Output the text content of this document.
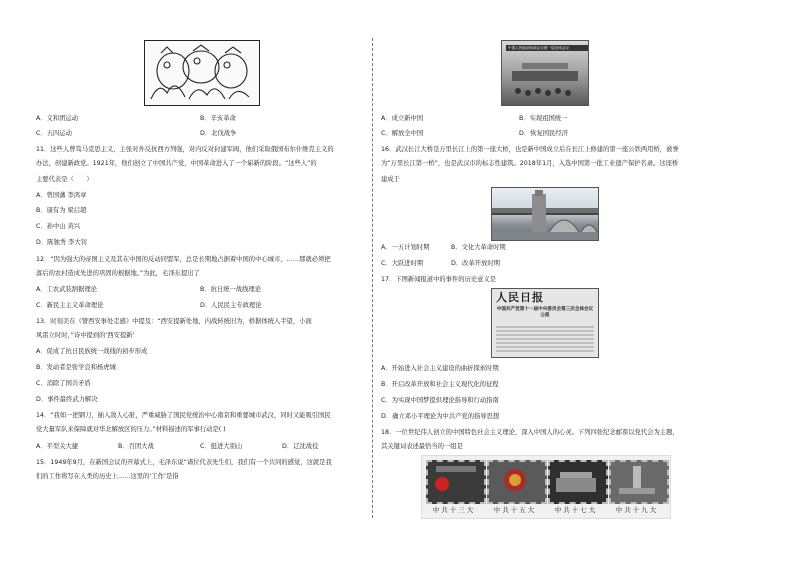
A．义和团运动	B．辛亥革命
C．五四运动	D．北伐战争
11．这些人曾笃马克思主义，主张对外反抗西方列强，对内反对封建军阀，他们采取俄国布尔什维克主义的
办法，创建新政党。1921年，他们创立了中国共产党，中国革命进入了一个崭新的阶段。“这些人”的
主要代表是（　　）
A．曾国藩 李鸿章
B．康有为 梁启超
C．孙中山 黄兴
D．陈独秀 李大钊
12．“因为强大的帝国主义及其在中国的反动同盟军，总是长期地占据着中国的中心城市，……那就必须把
落后的农村造成先进的巩固的根据地。”为此，毛泽东提出了
A．工农武装割据理论	B．抗日统一战线理论
C．新民主主义革命理论	D．人民民主专政理论
13．时刻美在《訾西安事处走感》中提及：“西安提新处地，内战转统旧为，格据体统人半望，小面
风雷立时时，”诗中提到的‘西安提新’
A．促成了抗日民族统一战线的初步形成
B．发动者是张学良和杨虎城
C．消除了国共矛盾
D．事件最终武力解决
14．“我如一把钢刀，插入敌人心脏，严重威胁了国民党统治中心南京和重要城市武汉，同时又能吸引国民
党大量军队来保障就对华北解放区的压力。”材料描述的军事行动是( )
A．平型关大捷	B．百团大战	C．挺进大别山	D．辽沈战役
15．1949年9月，在新国会议的开幕式上，毛泽东说“诸位代表先生们，我们有一个共同的感觉，这就是我
们的工作将写在人类的历史上……这里的‘工作’是指
中国人民政治协商会议第一届全体会议
A．成立新中国	B．实现祖国统一
C．解放全中国	D．恢复国民经济
16．武汉长江大桥是万里长江上的第一座大桥，也是新中国成立后在长江上修建的第一座公铁两用桥，被誉
为“万里长江第一桥”，也是武汉市的标志性建筑。2018年1月，入选中国第一批工业遗产保护名录。这座桥
建成于
A．一五计划时期	B．文化大革命时期
C．大跃进时期	D．改革开放时期
17．下图新闻报道中的事件的历史意义是
人民日报
中国共产党第十一届中央委员会第三次全体会议公报
A．开始进入社会主义建设的曲折探索时期
B．开启改革开放和社会主义现代化的征程
C．为实现中国梦提供理论指导和行动指南
D．确立邓小平理论为中共产党的指导思想
18．一位世纪伟人创立的中国特色社会主义理论，深入中国人的心灵。下列四张纪念邮票以党代会为主题，
其关键词表述最恰当的一组是
中共十三大	中共十五大	中共十七大	中共十九大
